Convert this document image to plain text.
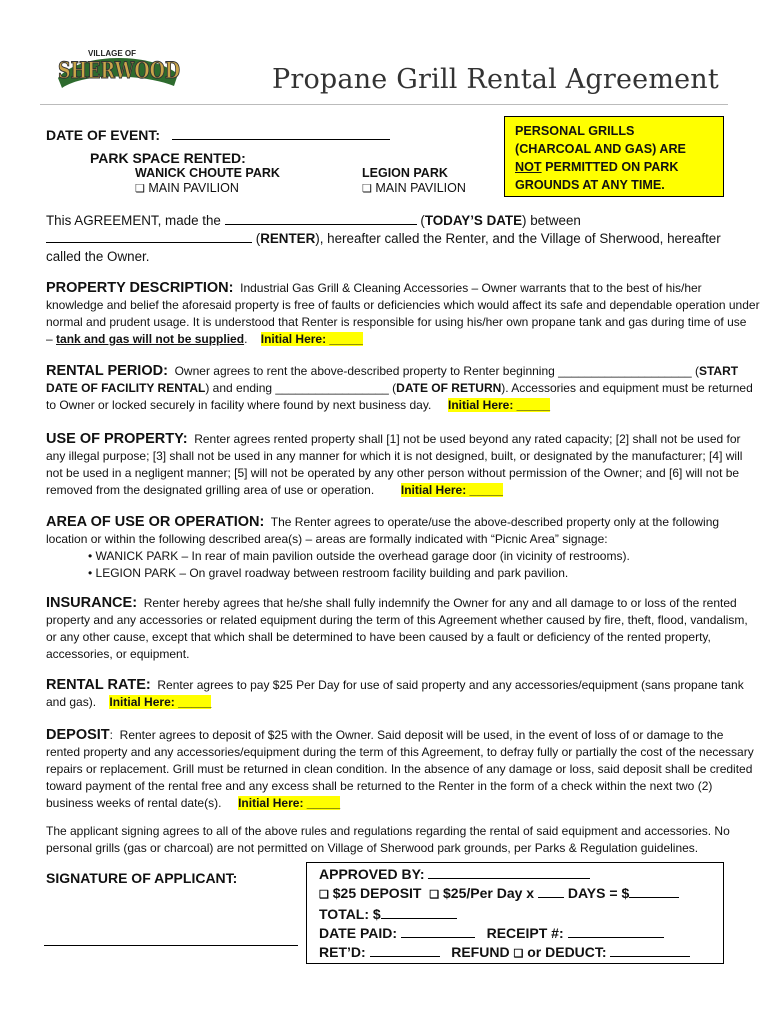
VILLAGE OF
SHERWOOD	Propane Grill Rental Agreement
DATE OF EVENT:
PARK SPACE RENTED:
WANICK CHOUTE PARK
❏ MAIN PAVILION
LEGION PARK
❏ MAIN PAVILION
PERSONAL GRILLS
(CHARCOAL AND GAS) ARE
NOT PERMITTED ON PARK
GROUNDS AT ANY TIME.
This AGREEMENT, made the	(TODAY’S DATE) between
(RENTER), hereafter called the Renter, and the Village of Sherwood, hereafter
called the Owner.
PROPERTY DESCRIPTION: Industrial Gas Grill & Cleaning Accessories – Owner warrants that to the best of his/her
knowledge and belief the aforesaid property is free of faults or deficiencies which would affect its safe and dependable operation under
normal and prudent usage. It is understood that Renter is responsible for using his/her own propane tank and gas during time of use
– tank and gas will not be supplied. Initial Here: _____
RENTAL PERIOD: Owner agrees to rent the above-described property to Renter beginning ____________________ (START
DATE OF FACILITY RENTAL) and ending _________________ (DATE OF RETURN). Accessories and equipment must be returned
to Owner or locked securely in facility where found by next business day. Initial Here: _____
USE OF PROPERTY: Renter agrees rented property shall [1] not be used beyond any rated capacity; [2] shall not be used for
any illegal purpose; [3] shall not be used in any manner for which it is not designed, built, or designated by the manufacturer; [4] will
not be used in a negligent manner; [5] will not be operated by any other person without permission of the Owner; and [6] will not be
removed from the designated grilling area of use or operation. Initial Here: _____
AREA OF USE OR OPERATION: The Renter agrees to operate/use the above-described property only at the following
location or within the following described area(s) – areas are formally indicated with “Picnic Area” signage:
• WANICK PARK – In rear of main pavilion outside the overhead garage door (in vicinity of restrooms).
• LEGION PARK – On gravel roadway between restroom facility building and park pavilion.
INSURANCE: Renter hereby agrees that he/she shall fully indemnify the Owner for any and all damage to or loss of the rented
property and any accessories or related equipment during the term of this Agreement whether caused by fire, theft, flood, vandalism,
or any other cause, except that which shall be determined to have been caused by a fault or deficiency of the rented property,
accessories, or equipment.
RENTAL RATE: Renter agrees to pay $25 Per Day for use of said property and any accessories/equipment (sans propane tank
and gas). Initial Here: _____
DEPOSIT: Renter agrees to deposit of $25 with the Owner. Said deposit will be used, in the event of loss of or damage to the
rented property and any accessories/equipment during the term of this Agreement, to defray fully or partially the cost of the necessary
repairs or replacement. Grill must be returned in clean condition. In the absence of any damage or loss, said deposit shall be credited
toward payment of the rental free and any excess shall be returned to the Renter in the form of a check within the next two (2)
business weeks of rental date(s). Initial Here: _____
The applicant signing agrees to all of the above rules and regulations regarding the rental of said equipment and accessories. No
personal grills (gas or charcoal) are not permitted on Village of Sherwood park grounds, per Parks & Regulation guidelines.
SIGNATURE OF APPLICANT:	APPROVED BY:
❏ $25 DEPOSIT ❏ $25/Per Day x DAYS = $
TOTAL: $
DATE PAID:	RECEIPT #:
RET’D:	REFUND ❏ or DEDUCT:
